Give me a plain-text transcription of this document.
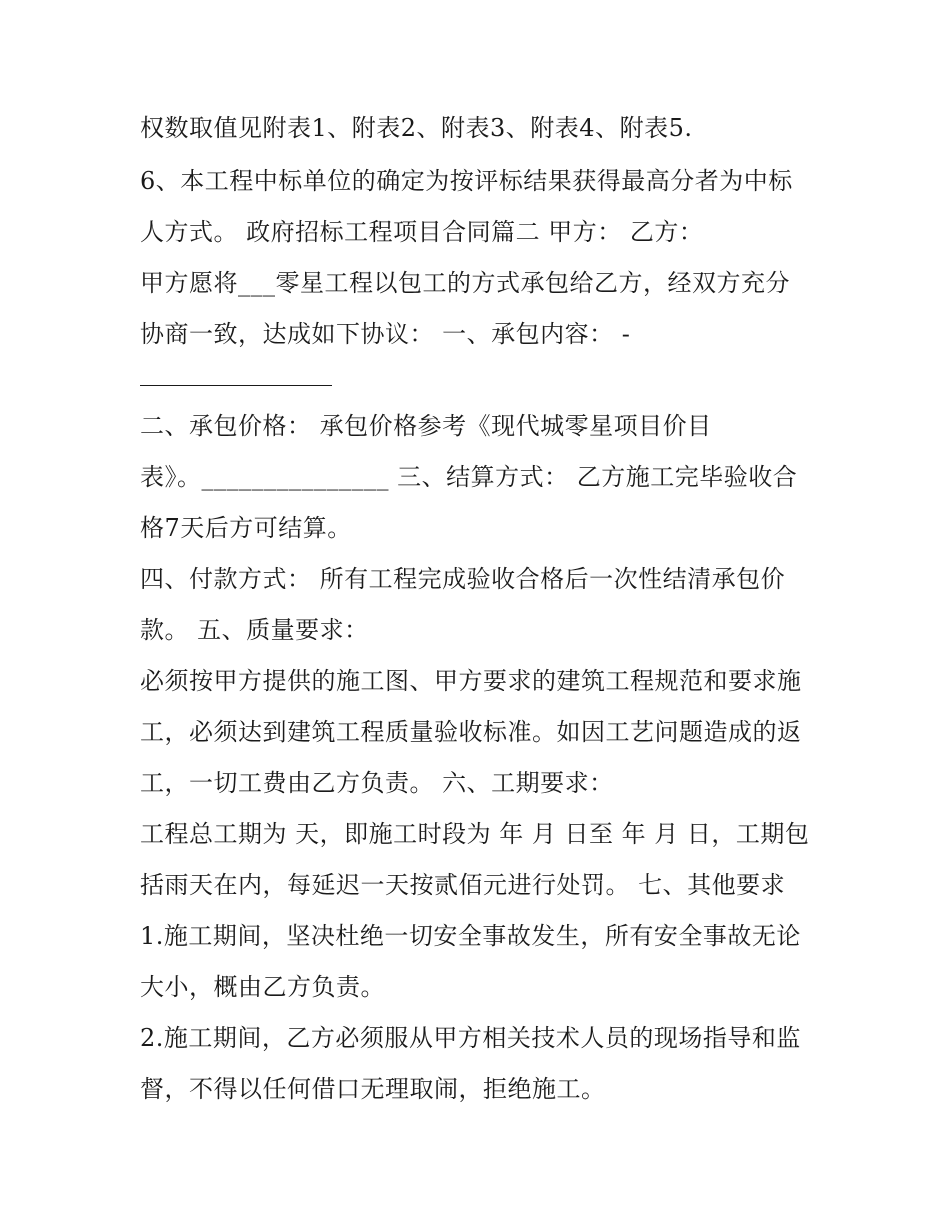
权数取值见附表1、附表2、附表3、附表4、附表5.
6、本工程中标单位的确定为按评标结果获得最高分者为中标
人方式。 政府招标工程项目合同篇二 甲方： 乙方：
甲方愿将___零星工程以包工的方式承包给乙方，经双方充分
协商一致，达成如下协议： 一、承包内容： -
二、承包价格： 承包价格参考《现代城零星项目价目
表》。_______________ 三、结算方式： 乙方施工完毕验收合
格7天后方可结算。
四、付款方式： 所有工程完成验收合格后一次性结清承包价
款。 五、质量要求：
必须按甲方提供的施工图、甲方要求的建筑工程规范和要求施
工，必须达到建筑工程质量验收标准。如因工艺问题造成的返
工，一切工费由乙方负责。 六、工期要求：
工程总工期为 天，即施工时段为 年 月 日至 年 月 日，工期包
括雨天在内，每延迟一天按贰佰元进行处罚。 七、其他要求
1.施工期间，坚决杜绝一切安全事故发生，所有安全事故无论
大小，概由乙方负责。
2.施工期间，乙方必须服从甲方相关技术人员的现场指导和监
督，不得以任何借口无理取闹，拒绝施工。
